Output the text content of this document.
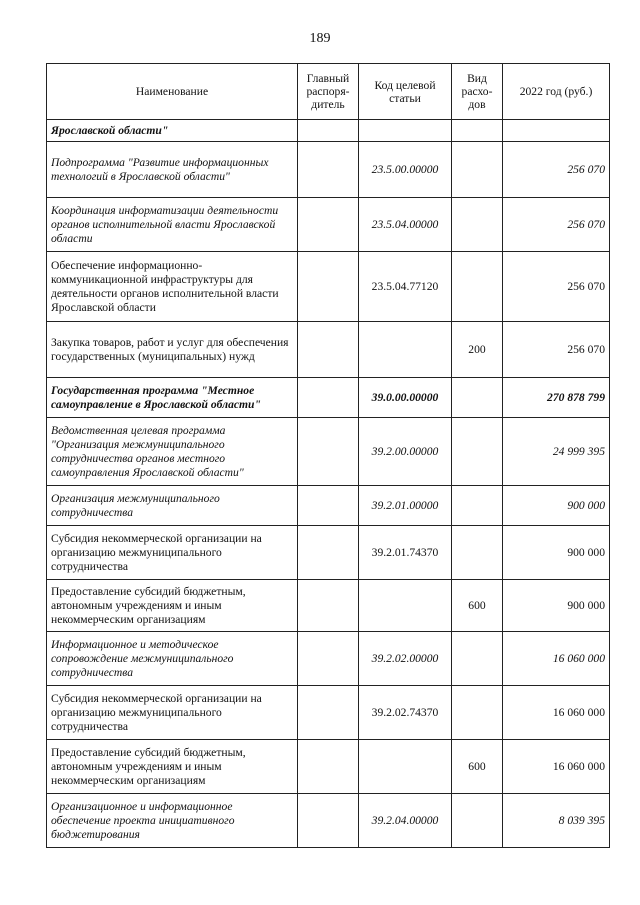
189
Наименование	Главный распоря- дитель	Код целевой статьи	Вид расхо- дов	2022 год (руб.)
Ярославской области"				
Подпрограмма "Развитие информационных технологий в Ярославской области"		23.5.00.00000		256 070
Координация информатизации деятельности органов исполнительной власти Ярославской области		23.5.04.00000		256 070
Обеспечение информационно-коммуникационной инфраструктуры для деятельности органов исполнительной власти Ярославской области		23.5.04.77120		256 070
Закупка товаров, работ и услуг для обеспечения государственных (муниципальных) нужд			200	256 070
Государственная программа "Местное самоуправление в Ярославской области"		39.0.00.00000		270 878 799
Ведомственная целевая программа "Организация межмуниципального сотрудничества органов местного самоуправления Ярославской области"		39.2.00.00000		24 999 395
Организация межмуниципального сотрудничества		39.2.01.00000		900 000
Субсидия некоммерческой организации на организацию межмуниципального сотрудничества		39.2.01.74370		900 000
Предоставление субсидий бюджетным, автономным учреждениям и иным некоммерческим организациям			600	900 000
Информационное и методическое сопровождение межмуниципального сотрудничества		39.2.02.00000		16 060 000
Субсидия некоммерческой организации на организацию межмуниципального сотрудничества		39.2.02.74370		16 060 000
Предоставление субсидий бюджетным, автономным учреждениям и иным некоммерческим организациям			600	16 060 000
Организационное и информационное обеспечение проекта инициативного бюджетирования		39.2.04.00000		8 039 395
